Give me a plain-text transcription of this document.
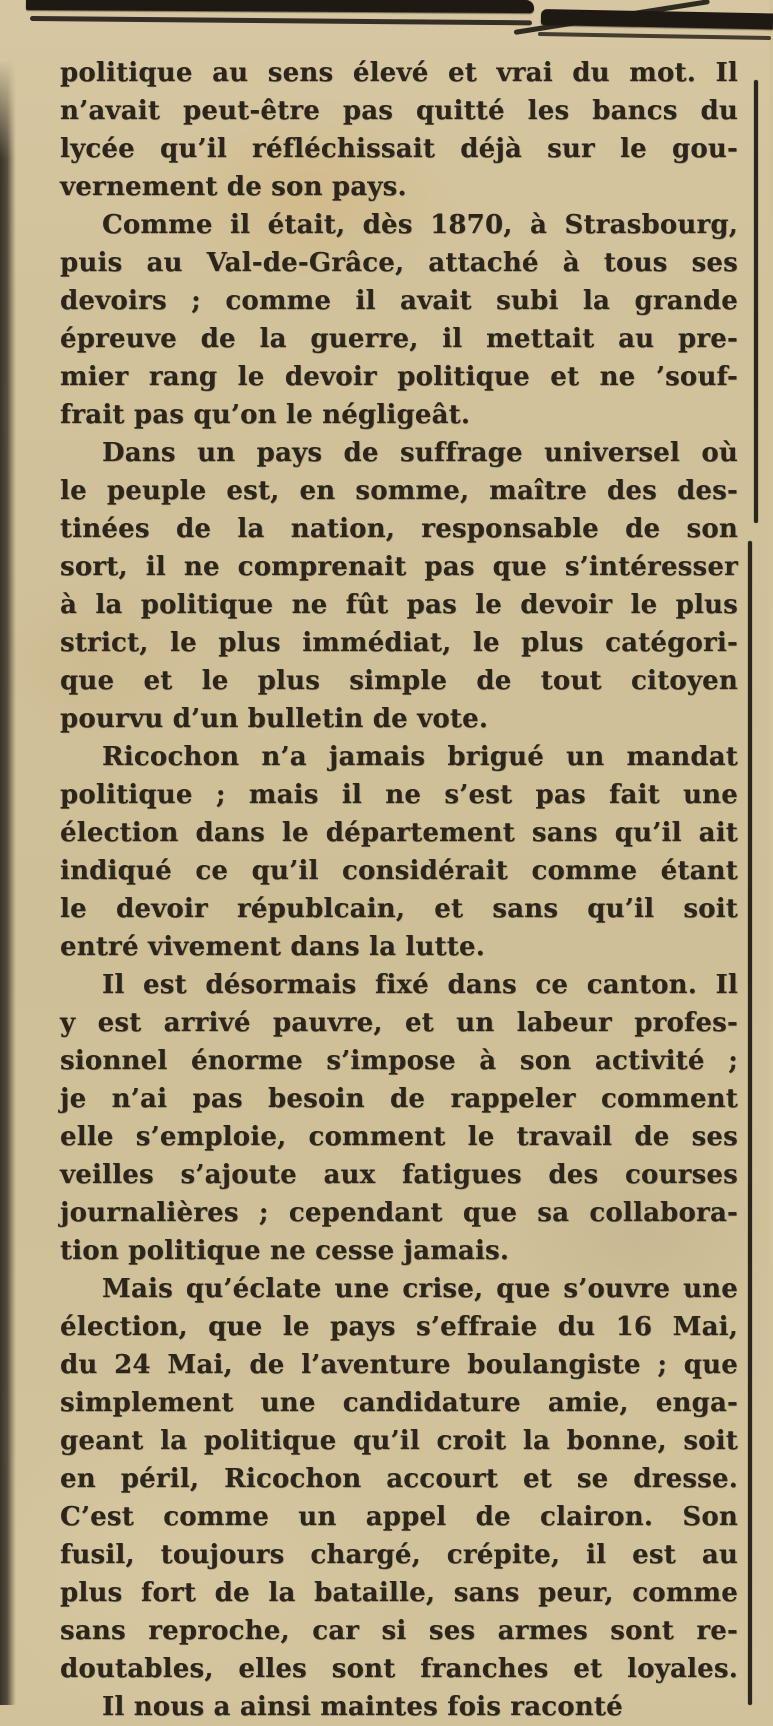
politique au sens élevé et vrai du mot. Il
n’avait peut-être pas quitté les bancs du
lycée qu’il réfléchissait déjà sur le gou-
vernement de son pays.

Comme il était, dès 1870, à Strasbourg,
puis au Val-de-Grâce, attaché à tous ses
devoirs ; comme il avait subi la grande
épreuve de la guerre, il mettait au pre-
mier rang le devoir politique et ne ’souf-
frait pas qu’on le négligeât.

Dans un pays de suffrage universel où
le peuple est, en somme, maître des des-
tinées de la nation, responsable de son
sort, il ne comprenait pas que s’intéresser
à la politique ne fût pas le devoir le plus
strict, le plus immédiat, le plus catégori-
que et le plus simple de tout citoyen
pourvu d’un bulletin de vote.

Ricochon n’a jamais brigué un mandat
politique ; mais il ne s’est pas fait une
élection dans le département sans qu’il ait
indiqué ce qu’il considérait comme étant
le devoir républcain, et sans qu’il soit
entré vivement dans la lutte.

Il est désormais fixé dans ce canton. Il
y est arrivé pauvre, et un labeur profes-
sionnel énorme s’impose à son activité ;
je n’ai pas besoin de rappeler comment
elle s’emploie, comment le travail de ses
veilles s’ajoute aux fatigues des courses
journalières ; cependant que sa collabora-
tion politique ne cesse jamais.

Mais qu’éclate une crise, que s’ouvre une
élection, que le pays s’effraie du 16 Mai,
du 24 Mai, de l’aventure boulangiste ; que
simplement une candidature amie, enga-
geant la politique qu’il croit la bonne, soit
en péril, Ricochon accourt et se dresse.
C’est comme un appel de clairon. Son
fusil, toujours chargé, crépite, il est au
plus fort de la bataille, sans peur, comme
sans reproche, car si ses armes sont re-
doutables, elles sont franches et loyales.

Il nous a ainsi maintes fois raconté
